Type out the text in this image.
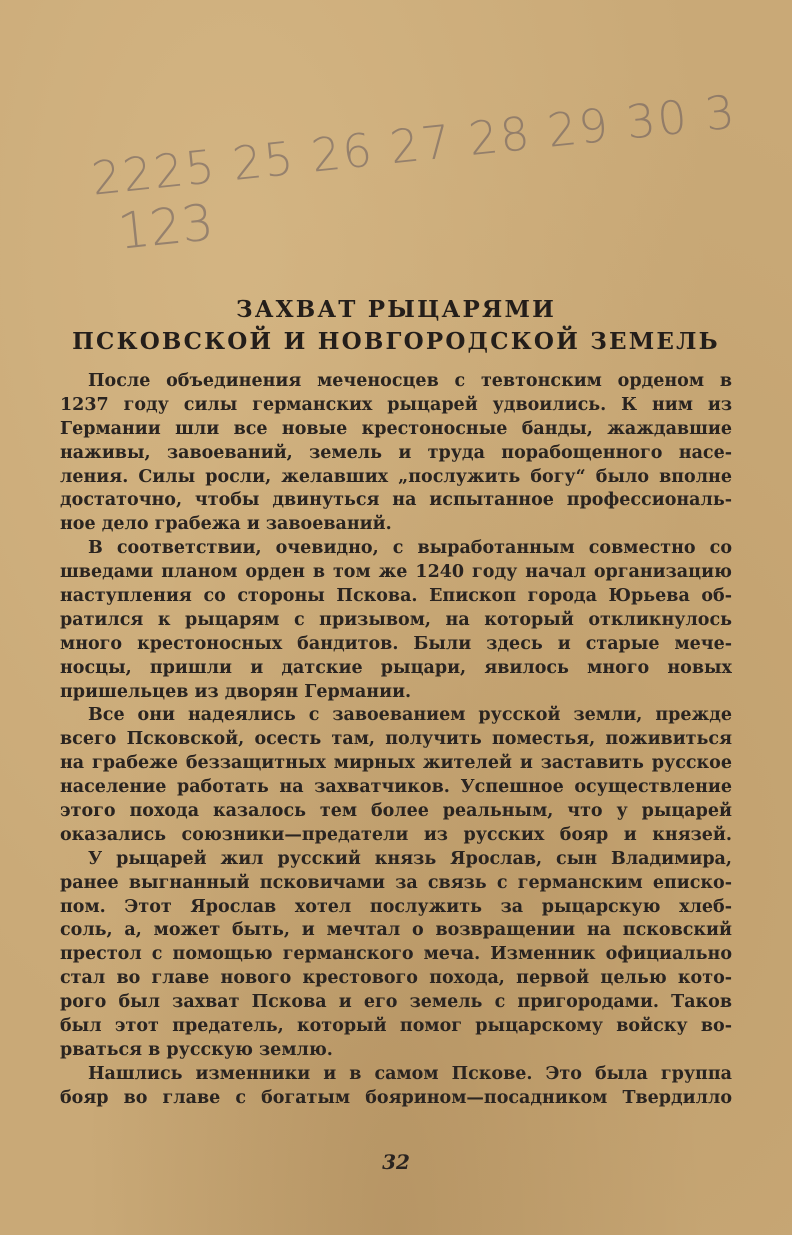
2225 25 26 27 28 29 30 3
123
ЗАХВАТ РЫЦАРЯМИ
ПСКОВСКОЙ И НОВГОРОДСКОЙ ЗЕМЕЛЬ
После объединения меченосцев с тевтонским орденом в
1237 году силы германских рыцарей удвоились. К ним из
Германии шли все новые крестоносные банды, жаждавшие
наживы, завоеваний, земель и труда порабощенного насе-
ления. Силы росли, желавших „послужить богу“ было вполне
достаточно, чтобы двинуться на испытанное профессиональ-
ное дело грабежа и завоеваний.
В соответствии, очевидно, с выработанным совместно со
шведами планом орден в том же 1240 году начал организацию
наступления со стороны Пскова. Епископ города Юрьева об-
ратился к рыцарям с призывом, на который откликнулось
много крестоносных бандитов. Были здесь и старые мече-
носцы, пришли и датские рыцари, явилось много новых
пришельцев из дворян Германии.
Все они надеялись с завоеванием русской земли, прежде
всего Псковской, осесть там, получить поместья, поживиться
на грабеже беззащитных мирных жителей и заставить русское
население работать на захватчиков. Успешное осуществление
этого похода казалось тем более реальным, что у рыцарей
оказались союзники—предатели из русских бояр и князей.
У рыцарей жил русский князь Ярослав, сын Владимира,
ранее выгнанный псковичами за связь с германским еписко-
пом. Этот Ярослав хотел послужить за рыцарскую хлеб-
соль, а, может быть, и мечтал о возвращении на псковский
престол с помощью германского меча. Изменник официально
стал во главе нового крестового похода, первой целью кото-
рого был захват Пскова и его земель с пригородами. Таков
был этот предатель, который помог рыцарскому войску во-
рваться в русскую землю.
Нашлись изменники и в самом Пскове. Это была группа
бояр во главе с богатым боярином—посадником Твердилло
32
